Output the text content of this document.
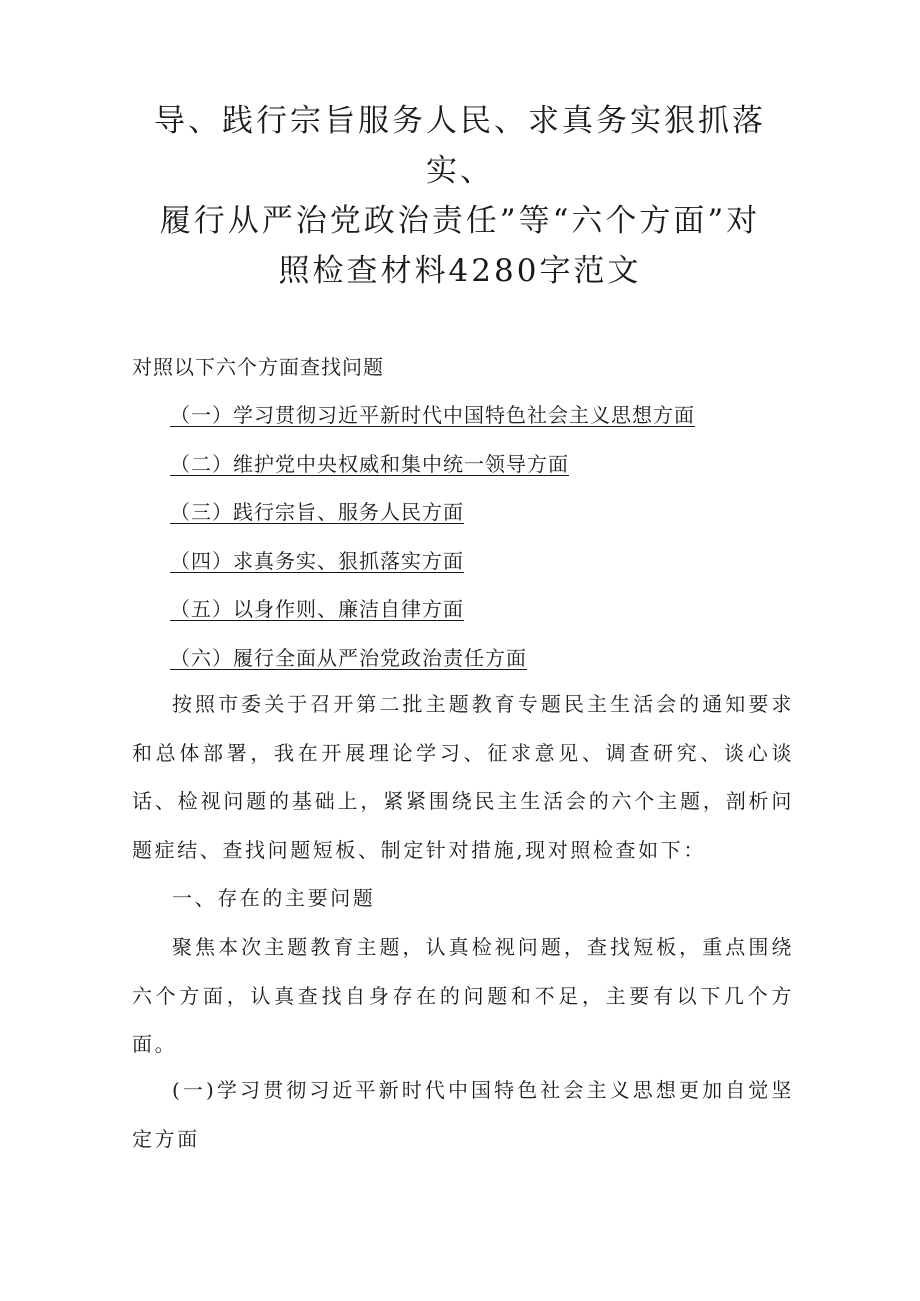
导、践行宗旨服务人民、求真务实狠抓落实、
履行从严治党政治责任”等“六个方面”对
照检查材料4280字范文

对照以下六个方面查找问题

（一）学习贯彻习近平新时代中国特色社会主义思想方面
（二）维护党中央权威和集中统一领导方面
（三）践行宗旨、服务人民方面
（四）求真务实、狠抓落实方面
（五）以身作则、廉洁自律方面
（六）履行全面从严治党政治责任方面

按照市委关于召开第二批主题教育专题民主生活会的通知要求和总体部署，我在开展理论学习、征求意见、调查研究、谈心谈话、检视问题的基础上，紧紧围绕民主生活会的六个主题，剖析问题症结、查找问题短板、制定针对措施,现对照检查如下：

一、存在的主要问题

聚焦本次主题教育主题，认真检视问题，查找短板，重点围绕六个方面，认真查找自身存在的问题和不足，主要有以下几个方面。

(一)学习贯彻习近平新时代中国特色社会主义思想更加自觉坚定方面
